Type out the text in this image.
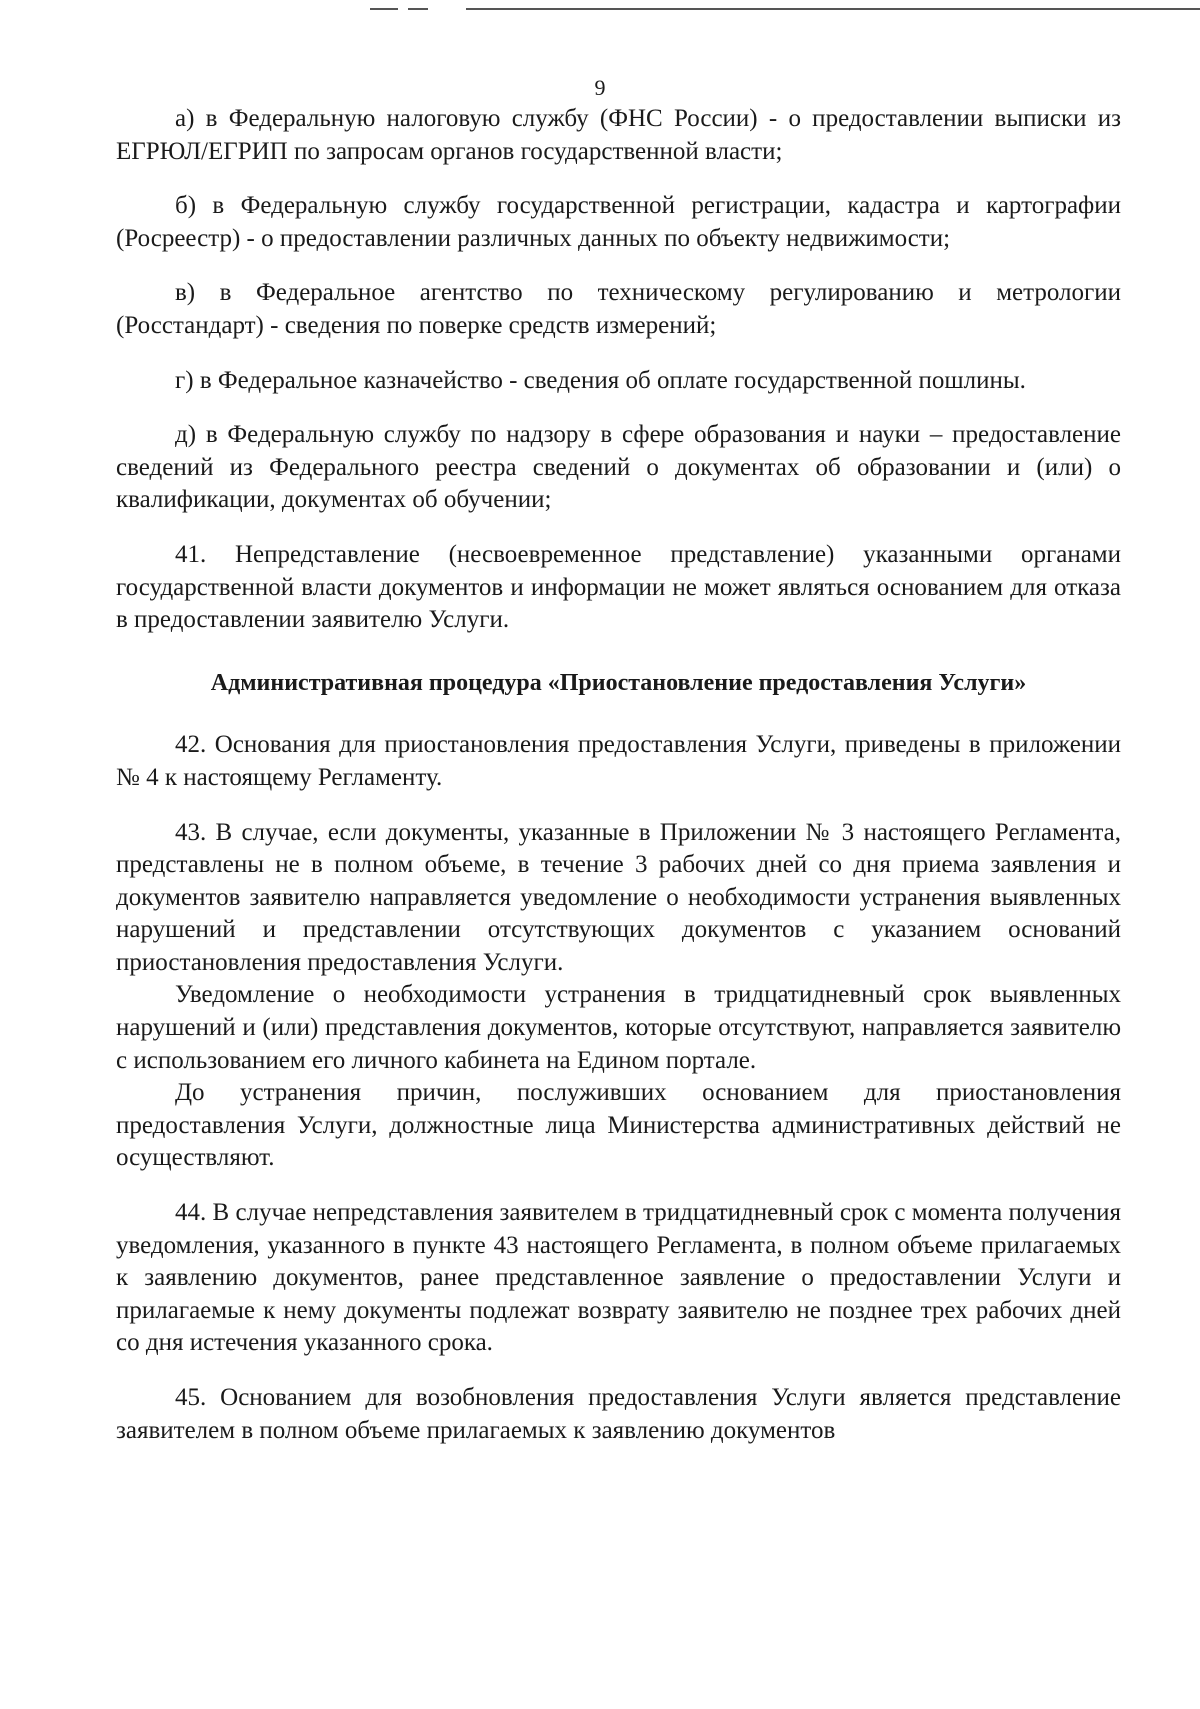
9

а) в Федеральную налоговую службу (ФНС России) - о предоставлении выписки из ЕГРЮЛ/ЕГРИП по запросам органов государственной власти;

б) в Федеральную службу государственной регистрации, кадастра и картографии (Росреестр) - о предоставлении различных данных по объекту недвижимости;

в) в Федеральное агентство по техническому регулированию и метрологии (Росстандарт) - сведения по поверке средств измерений;

г) в Федеральное казначейство - сведения об оплате государственной пошлины.

д) в Федеральную службу по надзору в сфере образования и науки – предоставление сведений из Федерального реестра сведений о документах об образовании и (или) о квалификации, документах об обучении;

41. Непредставление (несвоевременное представление) указанными органами государственной власти документов и информации не может являться основанием для отказа в предоставлении заявителю Услуги.

Административная процедура «Приостановление предоставления Услуги»

42. Основания для приостановления предоставления Услуги, приведены в приложении № 4 к настоящему Регламенту.

43. В случае, если документы, указанные в Приложении № 3 настоящего Регламента, представлены не в полном объеме, в течение 3 рабочих дней со дня приема заявления и документов заявителю направляется уведомление о необходимости устранения выявленных нарушений и представлении отсутствующих документов с указанием оснований приостановления предоставления Услуги.

Уведомление о необходимости устранения в тридцатидневный срок выявленных нарушений и (или) представления документов, которые отсутствуют, направляется заявителю с использованием его личного кабинета на Едином портале.

До устранения причин, послуживших основанием для приостановления предоставления Услуги, должностные лица Министерства административных действий не осуществляют.

44. В случае непредставления заявителем в тридцатидневный срок с момента получения уведомления, указанного в пункте 43 настоящего Регламента, в полном объеме прилагаемых к заявлению документов, ранее представленное заявление о предоставлении Услуги и прилагаемые к нему документы подлежат возврату заявителю не позднее трех рабочих дней со дня истечения указанного срока.

45. Основанием для возобновления предоставления Услуги является представление заявителем в полном объеме прилагаемых к заявлению документов
